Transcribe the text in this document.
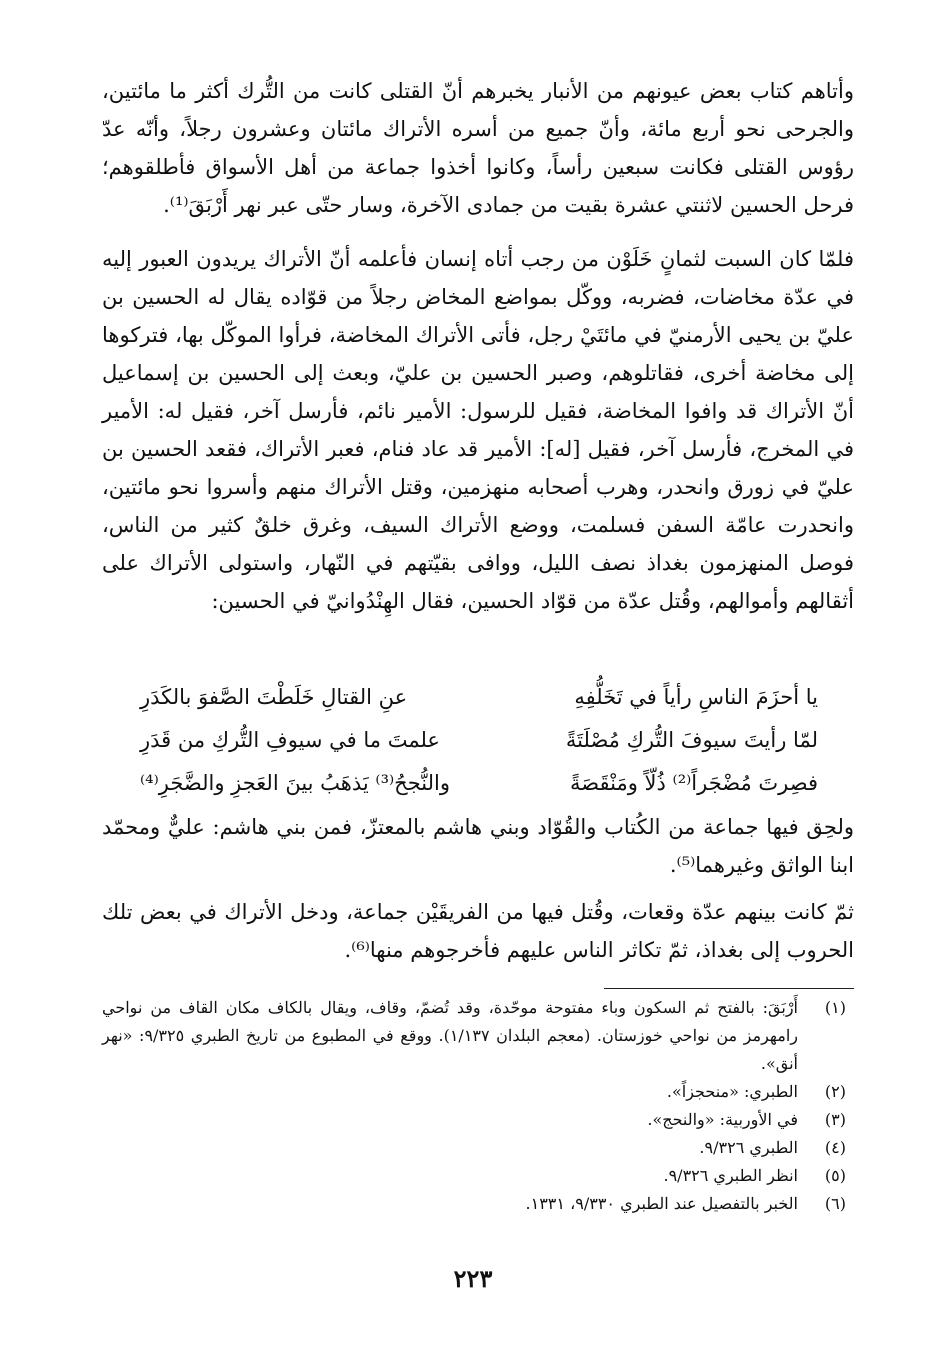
وأتاهم كتاب بعض عيونهم من الأنبار يخبرهم أنّ القتلى كانت من التُّرك أكثر ما مائتين، والجرحى نحو أربع مائة، وأنّ جميع من أسره الأتراك مائتان وعشرون رجلاً، وأنّه عدّ رؤوس القتلى فكانت سبعين رأساً، وكانوا أخذوا جماعة من أهل الأسواق فأطلقوهم؛ فرحل الحسين لاثنتي عشرة بقيت من جمادى الآخرة، وسار حتّى عبر نهر أَرْبَقَ⁽¹⁾.

فلمّا كان السبت لثمانٍ خَلَوْن من رجب أتاه إنسان فأعلمه أنّ الأتراك يريدون العبور إليه في عدّة مخاضات، فضربه، ووكّل بمواضع المخاض رجلاً من قوّاده يقال له الحسين بن عليّ بن يحيى الأرمنيّ في مائتَيْ رجل، فأتى الأتراك المخاضة، فرأوا الموكّل بها، فتركوها إلى مخاضة أخرى، فقاتلوهم، وصبر الحسين بن عليّ، وبعث إلى الحسين بن إسماعيل أنّ الأتراك قد وافوا المخاضة، فقيل للرسول: الأمير نائم، فأرسل آخر، فقيل له: الأمير في المخرج، فأرسل آخر، فقيل [له]: الأمير قد عاد فنام، فعبر الأتراك، فقعد الحسين بن عليّ في زورق وانحدر، وهرب أصحابه منهزمين، وقتل الأتراك منهم وأسروا نحو مائتين، وانحدرت عامّة السفن فسلمت، ووضع الأتراك السيف، وغرق خلقٌ كثير من الناس، فوصل المنهزمون بغداذ نصف الليل، ووافى بقيّتهم في النّهار، واستولى الأتراك على أثقالهم وأموالهم، وقُتل عدّة من قوّاد الحسين، فقال الهِنْدُوانيّ في الحسين:

ولحِق فيها جماعة من الكُتاب والقُوّاد وبني هاشم بالمعتزّ، فمن بني هاشم: عليٌّ ومحمّد ابنا الواثق وغيرهما⁽⁵⁾.

ثمّ كانت بينهم عدّة وقعات، وقُتل فيها من الفريقَيْن جماعة، ودخل الأتراك في بعض تلك الحروب إلى بغداذ، ثمّ تكاثر الناس عليهم فأخرجوهم منها⁽⁶⁾.

يا أحزَمَ الناسِ رأياً في تَخَلُّفِهِ
عنِ القتالِ خَلَطْتَ الصَّفوَ بالكَدَرِ
لمّا رأيتَ سيوفَ التُّركِ مُصْلَتَةً
علمتَ ما في سيوفِ التُّركِ من قَدَرِ
فصِرتَ مُضْجَراً⁽²⁾ ذُلّاً ومَنْقَصَةً
والنُّجحُ⁽³⁾ يَذهَبُ بينَ العَجزِ والضَّجَرِ⁽⁴⁾
(١)
أَرْبَقَ: بالفتح ثم السكون وباء مفتوحة موحّدة، وقد تُضمّ، وقاف، ويقال بالكاف مكان القاف من نواحي رامهرمز من نواحي خوزستان. (معجم البلدان ١/١٣٧). ووقع في المطبوع من تاريخ الطبري ٩/٣٢٥: «نهر أنق».
(٢)
الطبري: «منحجزاً».
(٣)
في الأوربية: «والنحج».
(٤)
الطبري ٩/٣٢٦.
(٥)
انظر الطبري ٩/٣٢٦.
(٦)
الخبر بالتفصيل عند الطبري ٩/٣٣٠، ١٣٣١.
٢٢٣
